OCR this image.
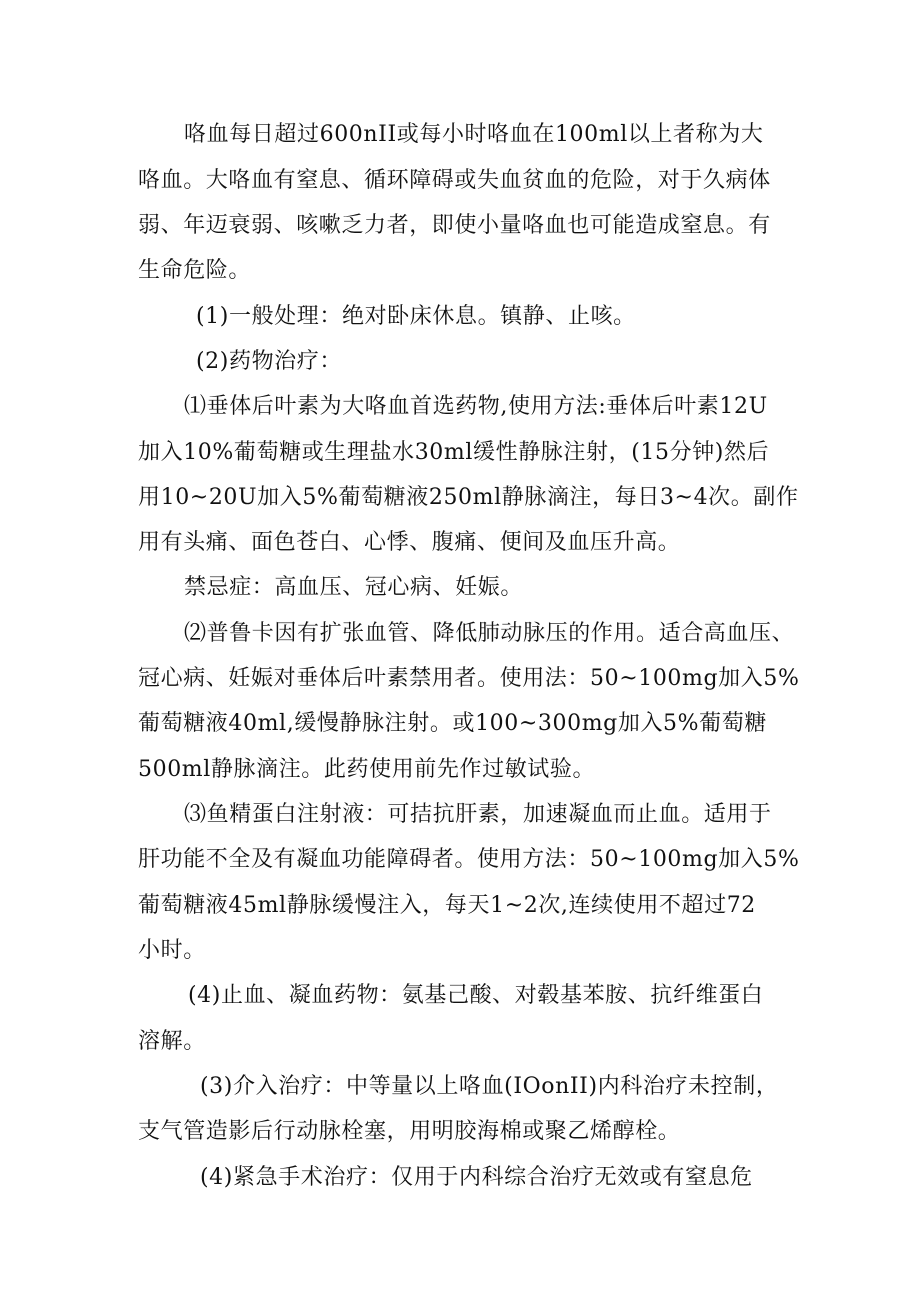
咯血每日超过600nII或每小时咯血在100ml以上者称为大
咯血。大咯血有窒息、循环障碍或失血贫血的危险，对于久病体
弱、年迈衰弱、咳嗽乏力者，即使小量咯血也可能造成窒息。有
生命危险。
(1)一般处理：绝对卧床休息。镇静、止咳。
(2)药物治疗：
⑴垂体后叶素为大咯血首选药物,使用方法:垂体后叶素12U
加入10%葡萄糖或生理盐水30ml缓性静脉注射，(15分钟)然后
用10~20U加入5%葡萄糖液250ml静脉滴注，每日3~4次。副作
用有头痛、面色苍白、心悸、腹痛、便间及血压升高。
禁忌症：高血压、冠心病、妊娠。
⑵普鲁卡因有扩张血管、降低肺动脉压的作用。适合高血压、
冠心病、妊娠对垂体后叶素禁用者。使用法：50~100mg加入5%
葡萄糖液40ml,缓慢静脉注射。或100~300mg加入5%葡萄糖
500ml静脉滴注。此药使用前先作过敏试验。
⑶鱼精蛋白注射液：可拮抗肝素，加速凝血而止血。适用于
肝功能不全及有凝血功能障碍者。使用方法：50~100mg加入5%
葡萄糖液45ml静脉缓慢注入，每天1~2次,连续使用不超过72
小时。
(4)止血、凝血药物：氨基己酸、对毂基苯胺、抗纤维蛋白
溶解。
(3)介入治疗：中等量以上咯血(IOonII)内科治疗未控制，
支气管造影后行动脉栓塞，用明胶海棉或聚乙烯醇栓。
(4)紧急手术治疗：仅用于内科综合治疗无效或有窒息危
